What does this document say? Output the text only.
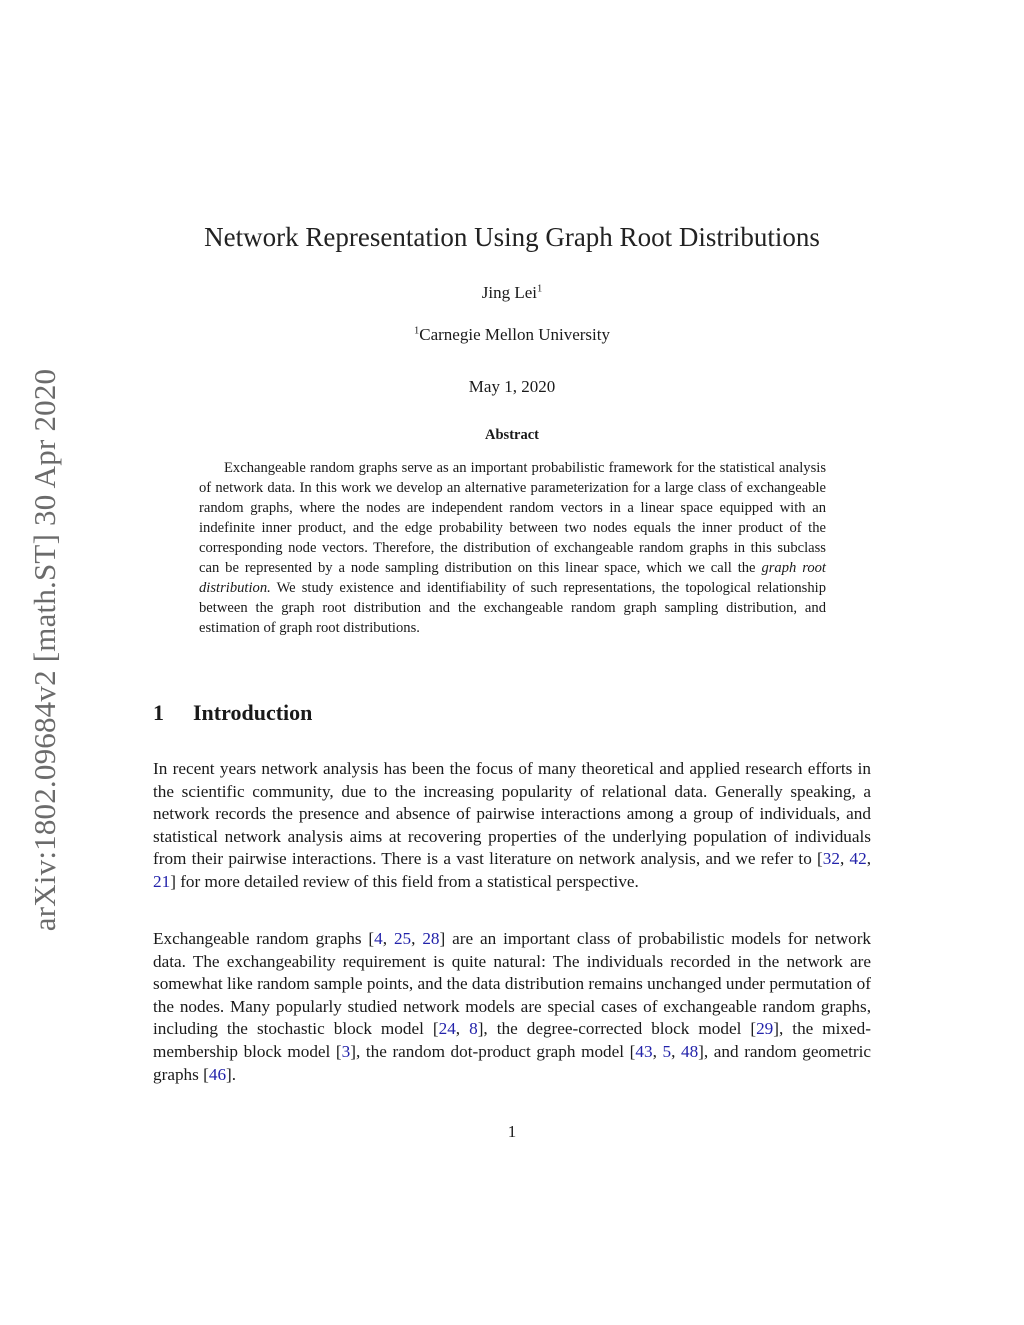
arXiv:1802.09684v2 [math.ST] 30 Apr 2020
Network Representation Using Graph Root Distributions
Jing Lei$^1$
$^1$Carnegie Mellon University
May 1, 2020
Abstract
Exchangeable random graphs serve as an important probabilistic framework for the statistical analysis of network data. In this work we develop an alternative parameterization for a large class of exchangeable random graphs, where the nodes are independent random vectors in a linear space equipped with an indefinite inner product, and the edge probability between two nodes equals the inner product of the corresponding node vectors. Therefore, the distribution of exchangeable random graphs in this subclass can be represented by a node sampling distribution on this linear space, which we call the graph root distribution. We study existence and identifiability of such representations, the topological relationship between the graph root distribution and the exchangeable random graph sampling distribution, and estimation of graph root distributions.
1 Introduction
In recent years network analysis has been the focus of many theoretical and applied research efforts in the scientific community, due to the increasing popularity of relational data. Generally speaking, a network records the presence and absence of pairwise interactions among a group of individuals, and statistical network analysis aims at recovering properties of the underlying population of individuals from their pairwise interactions. There is a vast literature on network analysis, and we refer to [32, 42, 21] for more detailed review of this field from a statistical perspective.
Exchangeable random graphs [4, 25, 28] are an important class of probabilistic models for network data. The exchangeability requirement is quite natural: The individuals recorded in the network are somewhat like random sample points, and the data distribution remains unchanged under permutation of the nodes. Many popularly studied network models are special cases of exchangeable random graphs, including the stochastic block model [24, 8], the degree-corrected block model [29], the mixed-membership block model [3], the random dot-product graph model [43, 5, 48], and random geometric graphs [46].
1
